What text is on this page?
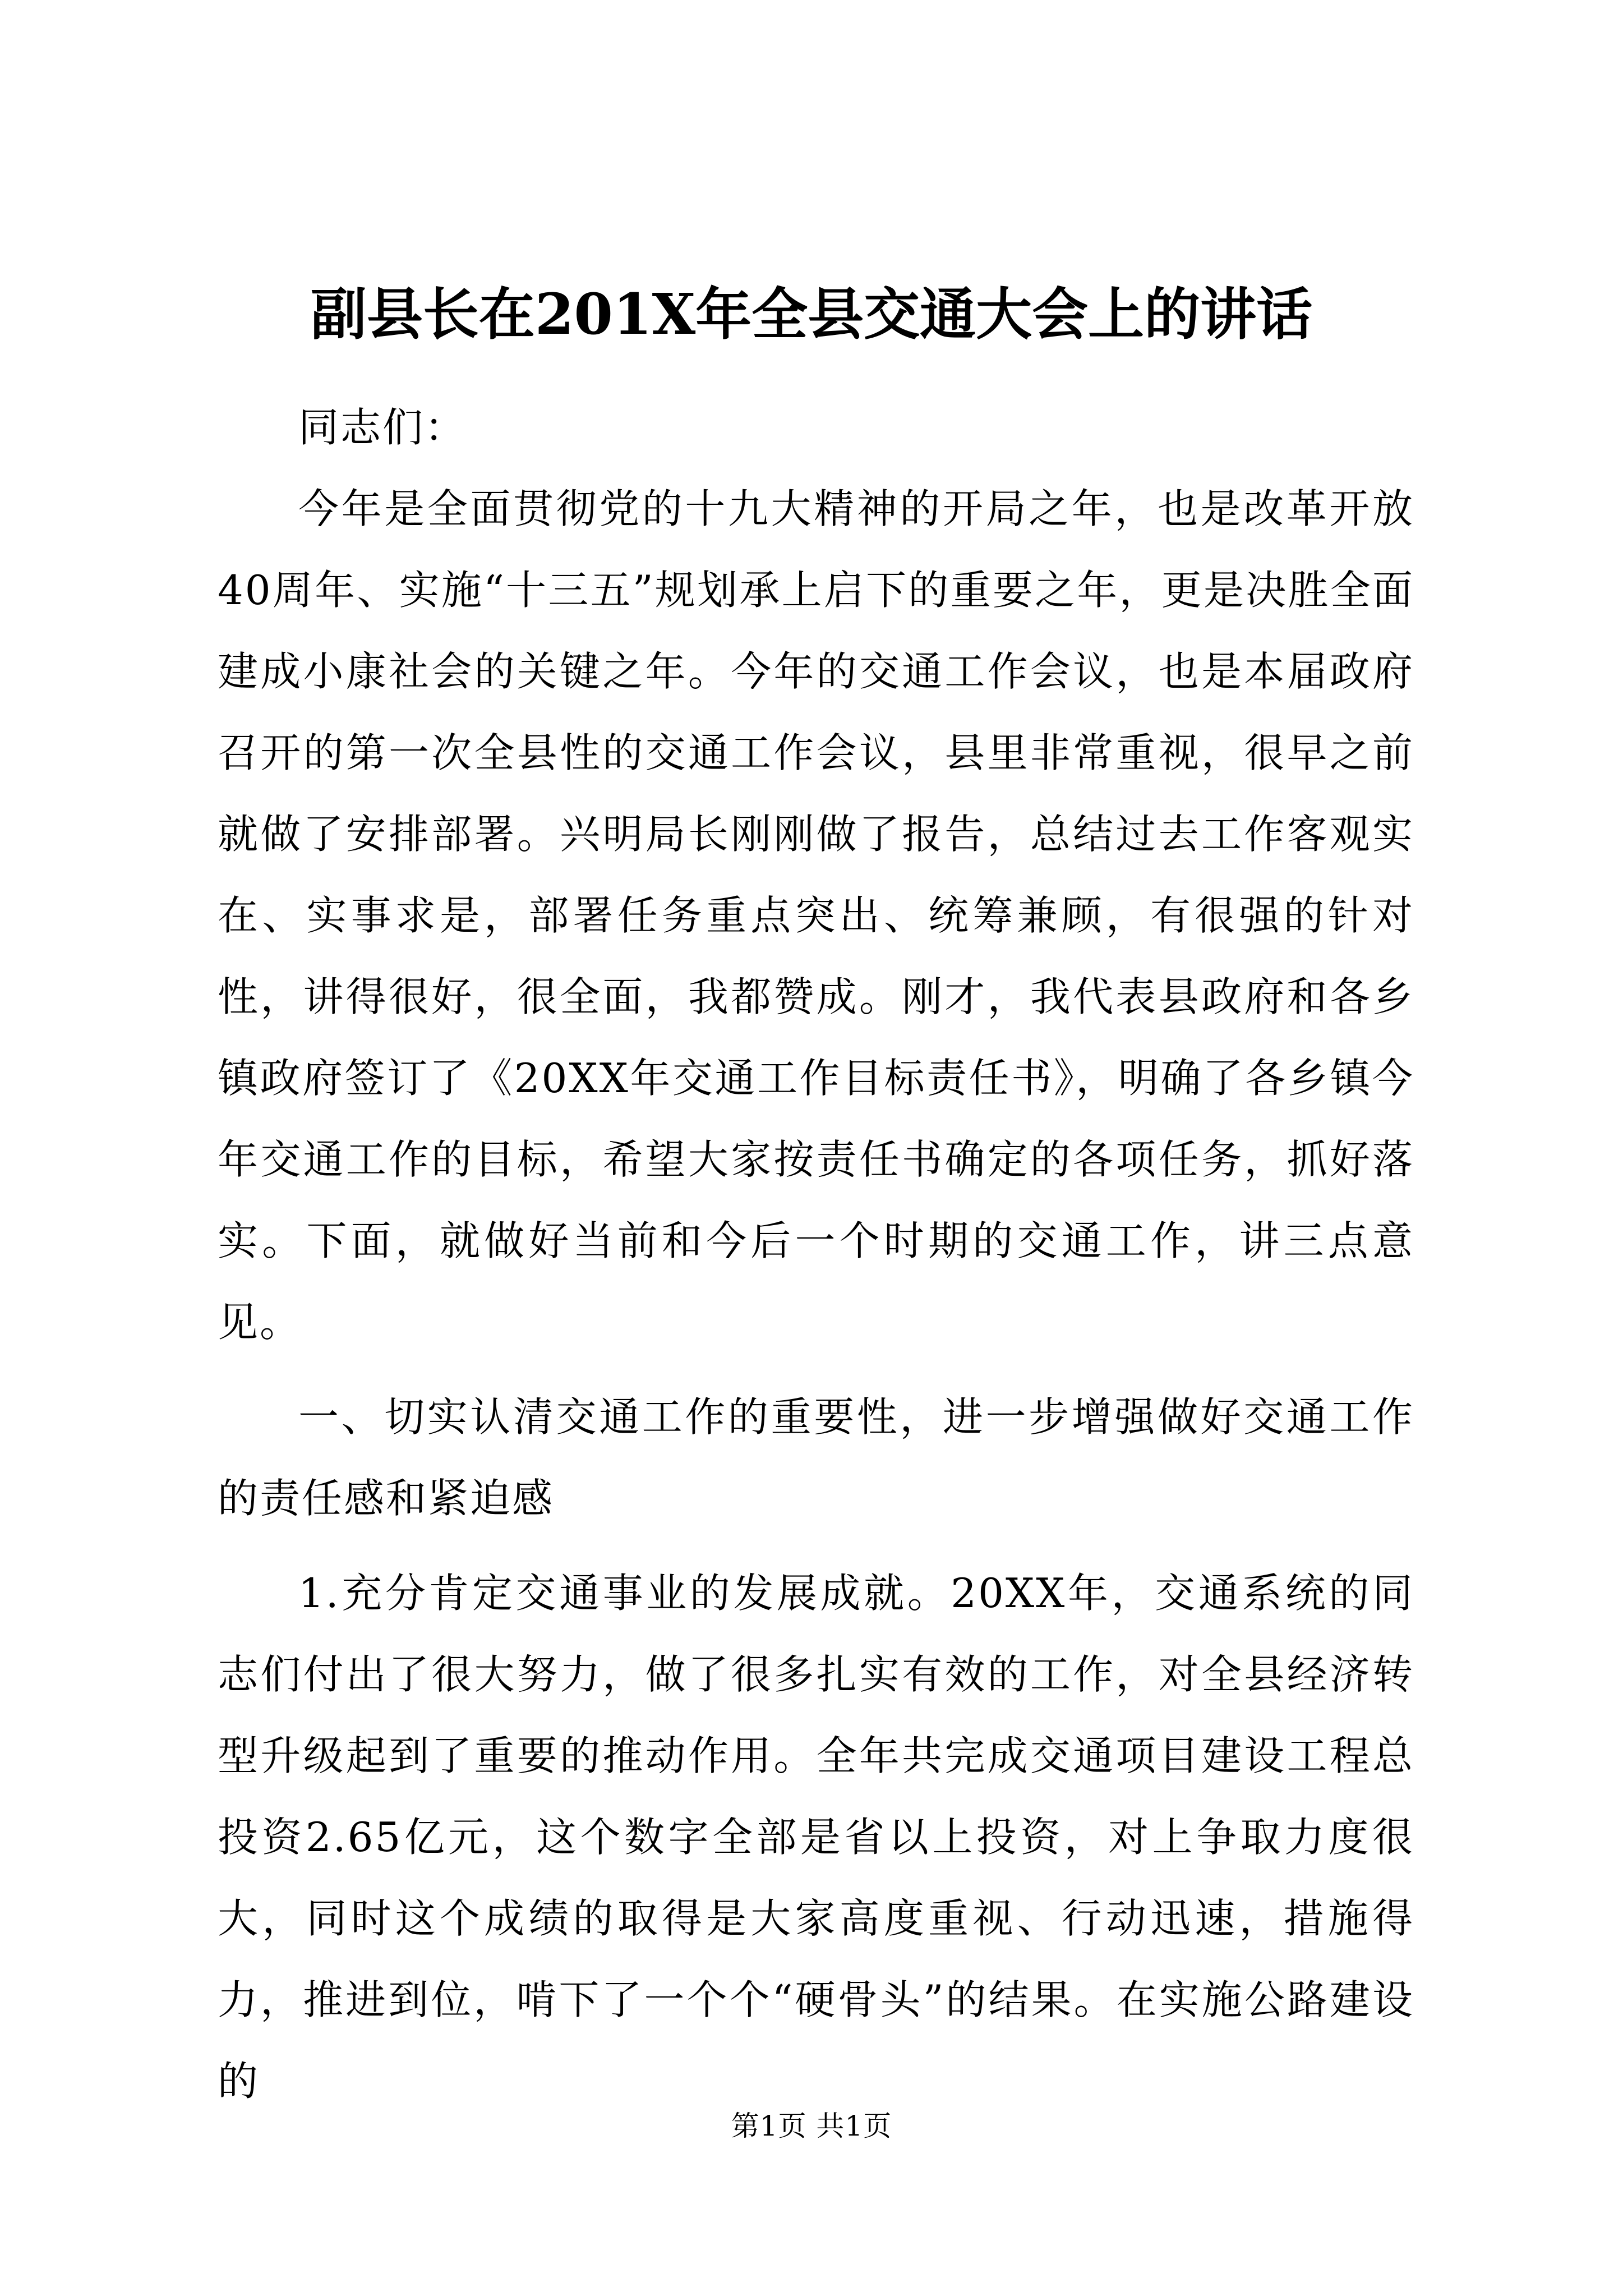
副县长在201X年全县交通大会上的讲话

同志们：

今年是全面贯彻党的十九大精神的开局之年，也是改革开放40周年、实施“十三五”规划承上启下的重要之年，更是决胜全面建成小康社会的关键之年。今年的交通工作会议，也是本届政府召开的第一次全县性的交通工作会议，县里非常重视，很早之前就做了安排部署。兴明局长刚刚做了报告，总结过去工作客观实在、实事求是，部署任务重点突出、统筹兼顾，有很强的针对性，讲得很好，很全面，我都赞成。刚才，我代表县政府和各乡镇政府签订了《20XX年交通工作目标责任书》，明确了各乡镇今年交通工作的目标，希望大家按责任书确定的各项任务，抓好落实。下面，就做好当前和今后一个时期的交通工作，讲三点意见。

一、切实认清交通工作的重要性，进一步增强做好交通工作的责任感和紧迫感

1.充分肯定交通事业的发展成就。20XX年，交通系统的同志们付出了很大努力，做了很多扎实有效的工作，对全县经济转型升级起到了重要的推动作用。全年共完成交通项目建设工程总投资2.65亿元，这个数字全部是省以上投资，对上争取力度很大，同时这个成绩的取得是大家高度重视、行动迅速，措施得力，推进到位，啃下了一个个“硬骨头”的结果。在实施公路建设的

第1页 共1页
